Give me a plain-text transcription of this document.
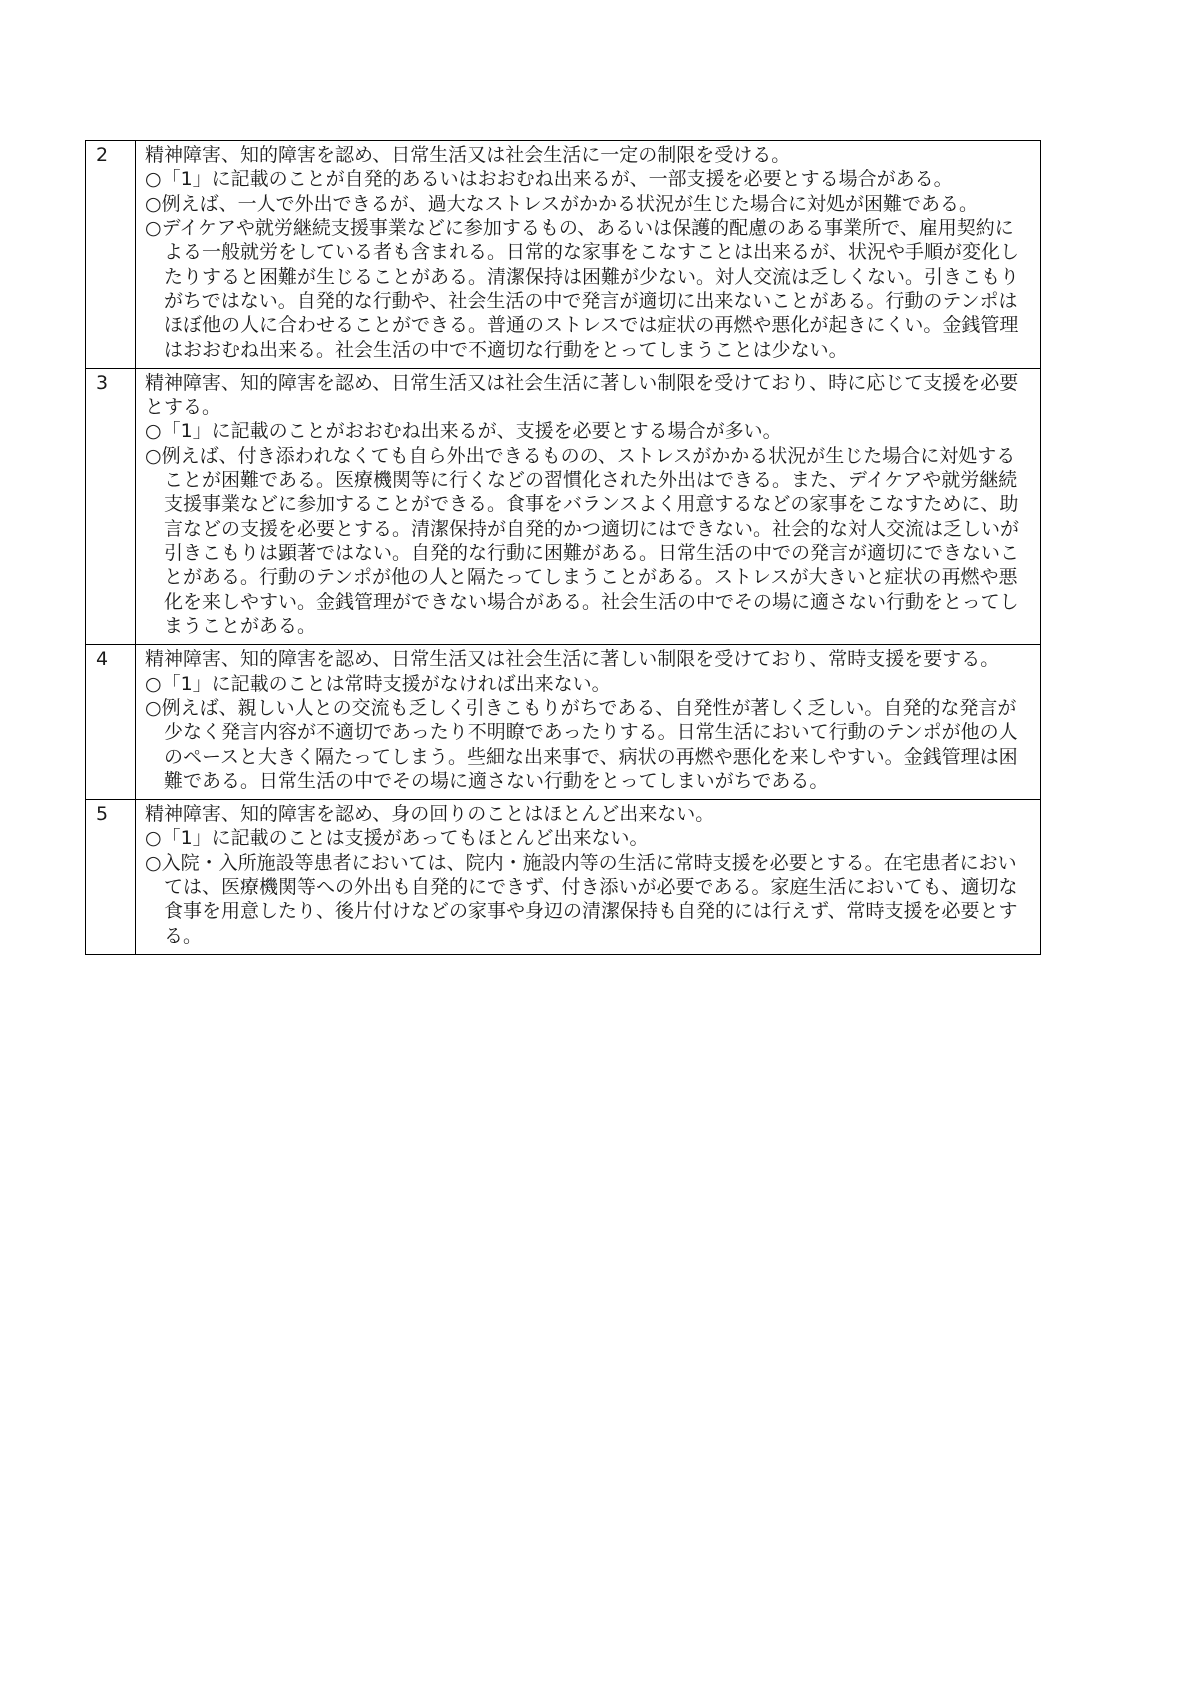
2	精神障害、知的障害を認め、日常生活又は社会生活に一定の制限を受ける。

○「1」に記載のことが自発的あるいはおおむね出来るが、一部支援を必要とする場合がある。

○例えば、一人で外出できるが、過大なストレスがかかる状況が生じた場合に対処が困難である。

○デイケアや就労継続支援事業などに参加するもの、あるいは保護的配慮のある事業所で、雇用契約による一般就労をしている者も含まれる。日常的な家事をこなすことは出来るが、状況や手順が変化したりすると困難が生じることがある。清潔保持は困難が少ない。対人交流は乏しくない。引きこもりがちではない。自発的な行動や、社会生活の中で発言が適切に出来ないことがある。行動のテンポはほぼ他の人に合わせることができる。普通のストレスでは症状の再燃や悪化が起きにくい。金銭管理はおおむね出来る。社会生活の中で不適切な行動をとってしまうことは少ない。

3	精神障害、知的障害を認め、日常生活又は社会生活に著しい制限を受けており、時に応じて支援を必要とする。

○「1」に記載のことがおおむね出来るが、支援を必要とする場合が多い。

○例えば、付き添われなくても自ら外出できるものの、ストレスがかかる状況が生じた場合に対処することが困難である。医療機関等に行くなどの習慣化された外出はできる。また、デイケアや就労継続支援事業などに参加することができる。食事をバランスよく用意するなどの家事をこなすために、助言などの支援を必要とする。清潔保持が自発的かつ適切にはできない。社会的な対人交流は乏しいが引きこもりは顕著ではない。自発的な行動に困難がある。日常生活の中での発言が適切にできないことがある。行動のテンポが他の人と隔たってしまうことがある。ストレスが大きいと症状の再燃や悪化を来しやすい。金銭管理ができない場合がある。社会生活の中でその場に適さない行動をとってしまうことがある。

4	精神障害、知的障害を認め、日常生活又は社会生活に著しい制限を受けており、常時支援を要する。

○「1」に記載のことは常時支援がなければ出来ない。

○例えば、親しい人との交流も乏しく引きこもりがちである、自発性が著しく乏しい。自発的な発言が少なく発言内容が不適切であったり不明瞭であったりする。日常生活において行動のテンポが他の人のペースと大きく隔たってしまう。些細な出来事で、病状の再燃や悪化を来しやすい。金銭管理は困難である。日常生活の中でその場に適さない行動をとってしまいがちである。

5	精神障害、知的障害を認め、身の回りのことはほとんど出来ない。

○「1」に記載のことは支援があってもほとんど出来ない。

○入院・入所施設等患者においては、院内・施設内等の生活に常時支援を必要とする。在宅患者においては、医療機関等への外出も自発的にできず、付き添いが必要である。家庭生活においても、適切な食事を用意したり、後片付けなどの家事や身辺の清潔保持も自発的には行えず、常時支援を必要とする。
